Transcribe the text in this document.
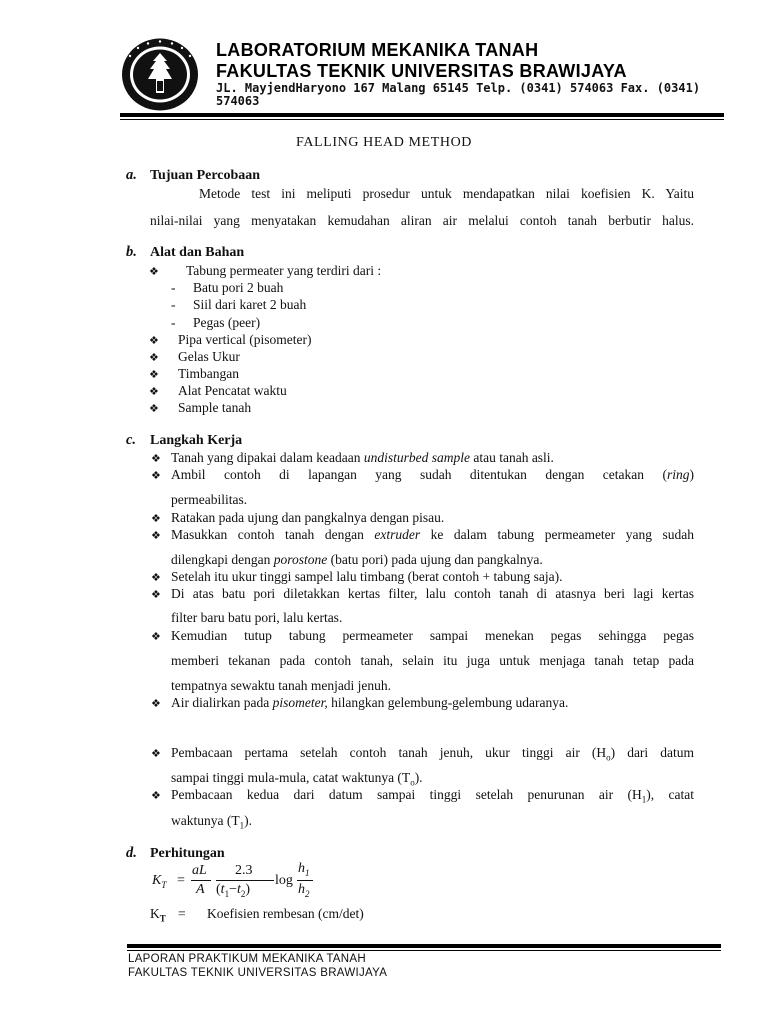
LABORATORIUM MEKANIKA TANAH
FAKULTAS TEKNIK UNIVERSITAS BRAWIJAYA
JL. MayjendHaryono 167 Malang 65145 Telp. (0341) 574063 Fax. (0341) 574063
FALLING HEAD METHOD
a. Tujuan Percobaan
Metode test ini meliputi prosedur untuk mendapatkan nilai koefisien K. Yaitu
nilai-nilai yang menyatakan kemudahan aliran air melalui contoh tanah berbutir halus.
b. Alat dan Bahan
❖ Tabung permeater yang terdiri dari :
- Batu pori 2 buah
- Siil dari karet 2 buah
- Pegas (peer)
❖ Pipa vertical (pisometer)
❖ Gelas Ukur
❖ Timbangan
❖ Alat Pencatat waktu
❖ Sample tanah
c. Langkah Kerja
❖ Tanah yang dipakai dalam keadaan undisturbed sample atau tanah asli.
❖ Ambil contoh di lapangan yang sudah ditentukan dengan cetakan (ring)
permeabilitas.
❖ Ratakan pada ujung dan pangkalnya dengan pisau.
❖ Masukkan contoh tanah dengan extruder ke dalam tabung permeameter yang sudah
dilengkapi dengan porostone (batu pori) pada ujung dan pangkalnya.
❖ Setelah itu ukur tinggi sampel lalu timbang (berat contoh + tabung saja).
❖ Di atas batu pori diletakkan kertas filter, lalu contoh tanah di atasnya beri lagi kertas
filter baru batu pori, lalu kertas.
❖ Kemudian tutup tabung permeameter sampai menekan pegas sehingga pegas
memberi tekanan pada contoh tanah, selain itu juga untuk menjaga tanah tetap pada
tempatnya sewaktu tanah menjadi jenuh.
❖ Air dialirkan pada pisometer, hilangkan gelembung-gelembung udaranya.
❖ Pembacaan pertama setelah contoh tanah jenuh, ukur tinggi air $(H_o)$ dari datum
sampai tinggi mula-mula, catat waktunya $(T_o)$.
❖ Pembacaan kedua dari datum sampai tinggi setelah penurunan air $(H_1)$, catat
waktunya $(T_1)$.
d. Perhitungan
$K_T$ =
aL
A
2.3
$(t_1-t_2)$
log
$h_1$
$h_2$
$K_T$ = Koefisien rembesan (cm/det)
LAPORAN PRAKTIKUM MEKANIKA TANAH
FAKULTAS TEKNIK UNIVERSITAS BRAWIJAYA
